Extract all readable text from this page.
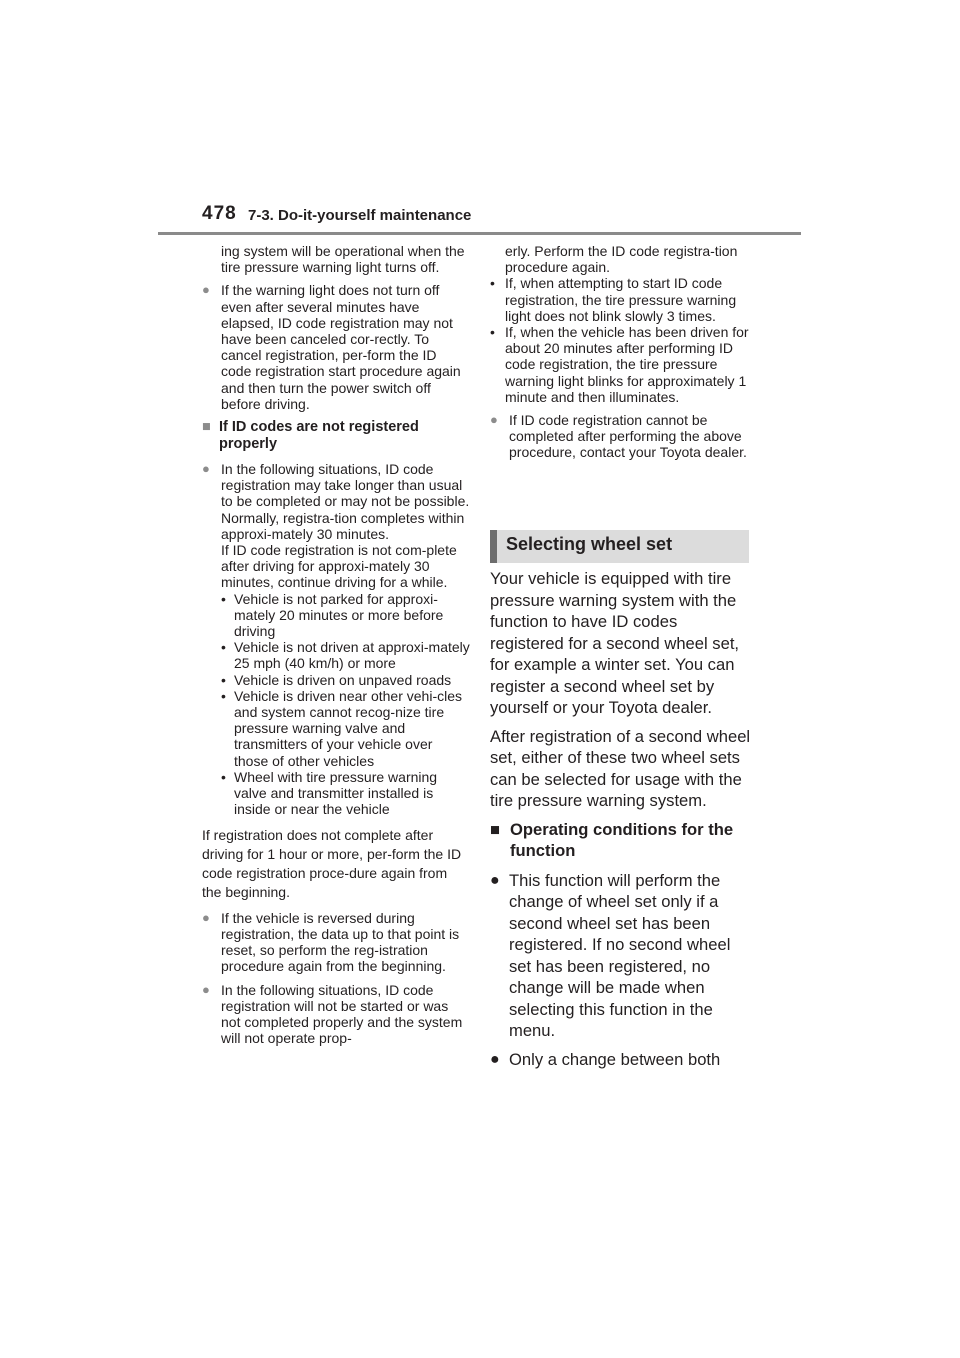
478 7-3. Do-it-yourself maintenance

ing system will be operational when the tire pressure warning light turns off.

● If the warning light does not turn off even after several minutes have elapsed, ID code registration may not have been canceled cor-rectly. To cancel registration, per-form the ID code registration start procedure again and then turn the power switch off before driving.
■ If ID codes are not registered properly
● In the following situations, ID code registration may take longer than usual to be completed or may not be possible. Normally, registra-tion completes within approxi-mately 30 minutes.
If ID code registration is not com-plete after driving for approxi-mately 30 minutes, continue driving for a while.
• Vehicle is not parked for approxi-mately 20 minutes or more before driving
• Vehicle is not driven at approxi-mately 25 mph (40 km/h) or more
• Vehicle is driven on unpaved roads
• Vehicle is driven near other vehi-cles and system cannot recog-nize tire pressure warning valve and transmitters of your vehicle over those of other vehicles
• Wheel with tire pressure warning valve and transmitter installed is inside or near the vehicle

If registration does not complete after driving for 1 hour or more, per-form the ID code registration proce-dure again from the beginning.

● If the vehicle is reversed during registration, the data up to that point is reset, so perform the reg-istration procedure again from the beginning.
● In the following situations, ID code registration will not be started or was not completed properly and the system will not operate prop-

erly. Perform the ID code registra-tion procedure again.

• If, when attempting to start ID code registration, the tire pressure warning light does not blink slowly 3 times.
• If, when the vehicle has been driven for about 20 minutes after performing ID code registration, the tire pressure warning light blinks for approximately 1 minute and then illuminates.
● If ID code registration cannot be completed after performing the above procedure, contact your Toyota dealer.
Selecting wheel set

Your vehicle is equipped with tire pressure warning system with the function to have ID codes registered for a second wheel set, for example a winter set. You can register a second wheel set by yourself or your Toyota dealer.

After registration of a second wheel set, either of these two wheel sets can be selected for usage with the tire pressure warning system.

■ Operating conditions for the function
● This function will perform the change of wheel set only if a second wheel set has been registered. If no second wheel set has been registered, no change will be made when selecting this function in the menu.
● Only a change between both
